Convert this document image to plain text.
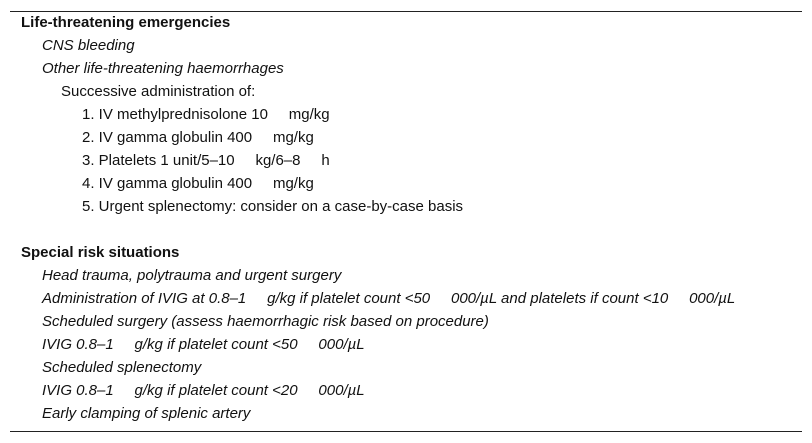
Life-threatening emergencies
CNS bleeding
Other life-threatening haemorrhages
Successive administration of:
1. IV methylprednisolone 10     mg/kg
2. IV gamma globulin 400     mg/kg
3. Platelets 1 unit/5–10     kg/6–8     h
4. IV gamma globulin 400     mg/kg
5. Urgent splenectomy: consider on a case-by-case basis
Special risk situations
Head trauma, polytrauma and urgent surgery
Administration of IVIG at 0.8–1     g/kg if platelet count <50     000/µL and platelets if count <10     000/µL
Scheduled surgery (assess haemorrhagic risk based on procedure)
IVIG 0.8–1     g/kg if platelet count <50     000/µL
Scheduled splenectomy
IVIG 0.8–1     g/kg if platelet count <20     000/µL
Early clamping of splenic artery
